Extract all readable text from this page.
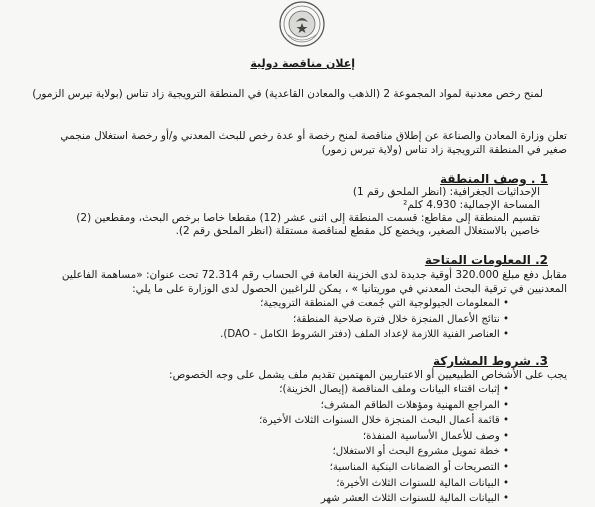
إعلان مناقصة دولية
لمنح رخص معدنية لمواد المجموعة 2 (الذهب والمعادن القاعدية) في المنطقة الترويجية زاد تناس (بولاية تيرس الزمور)
تعلن وزارة المعادن والصناعة عن إطلاق مناقصة لمنح رخصة أو عدة رخص للبحث المعدني و/أو رخصة استغلال منجمي
صغير في المنطقة الترويجية زاد تناس (ولاية تيرس زمور)
1 . وصف المنطقة
الإحداثيات الجغرافية: (انظر الملحق رقم 1)
المساحة الإجمالية: 4.930 كلم²
تقسيم المنطقة إلى مقاطع: قسمت المنطقة إلى اثنى عشر (12) مقطعا خاصا برخص البحث، ومقطعين (2)
خاصين بالاستغلال الصغير، ويخضع كل مقطع لمناقصة مستقلة (انظر الملحق رقم 2).
2. المعلومات المتاحة
مقابل دفع مبلغ 320.000 أوقية جديدة لدى الخزينة العامة في الحساب رقم 72.314 تحت عنوان: «مساهمة الفاعلين
المعدنيين في ترقية البحث المعدني في موريتانيا » ، يمكن للراغبين الحصول لدى الوزارة على ما يلي:
• المعلومات الجيولوجية التي جُمعت في المنطقة الترويجية؛
• نتائج الأعمال المنجزة خلال فترة صلاحية المنطقة؛
• العناصر الفنية اللازمة لإعداد الملف (دفتر الشروط الكامل - DAO).
3. شروط المشاركة
يجب على الأشخاص الطبيعيين أو الاعتباريين المهتمين تقديم ملف يشمل على وجه الخصوص:
• إثبات اقتناء البيانات وملف المناقصة (إيصال الخزينة)؛
• المراجع المهنية ومؤهلات الطاقم المشرف؛
• قائمة أعمال البحث المنجزة خلال السنوات الثلاث الأخيرة؛
• وصف للأعمال الأساسية المنفذة؛
• خطة تمويل مشروع البحث أو الاستغلال؛
• التصريحات أو الضمانات البنكية المناسبة؛
• البيانات المالية للسنوات الثلاث الأخيرة؛
• البيانات المالية للسنوات الثلاث العشر شهر
